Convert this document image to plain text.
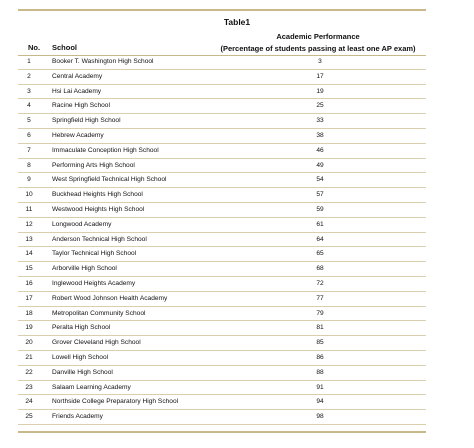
Table1
No. School
Academic Performance
(Percentage of students passing at least one AP exam)
1	Booker T. Washington High School	3
2	Central Academy	17
3	Hsi Lai Academy	19
4	Racine High School	25
5	Springfield High School	33
6	Hebrew Academy	38
7	Immaculate Conception High School	46
8	Performing Arts High School	49
9	West Springfield Technical High School	54
10	Buckhead Heights High School	57
11	Westwood Heights High School	59
12	Longwood Academy	61
13	Anderson Technical High School	64
14	Taylor Technical High School	65
15	Arborville High School	68
16	Inglewood Heights Academy	72
17	Robert Wood Johnson Health Academy	77
18	Metropolitan Community School	79
19	Peralta High School	81
20	Grover Cleveland High School	85
21	Lowell High School	86
22	Danville High School	88
23	Salaam Learning Academy	91
24	Northside College Preparatory High School	94
25	Friends Academy	98
